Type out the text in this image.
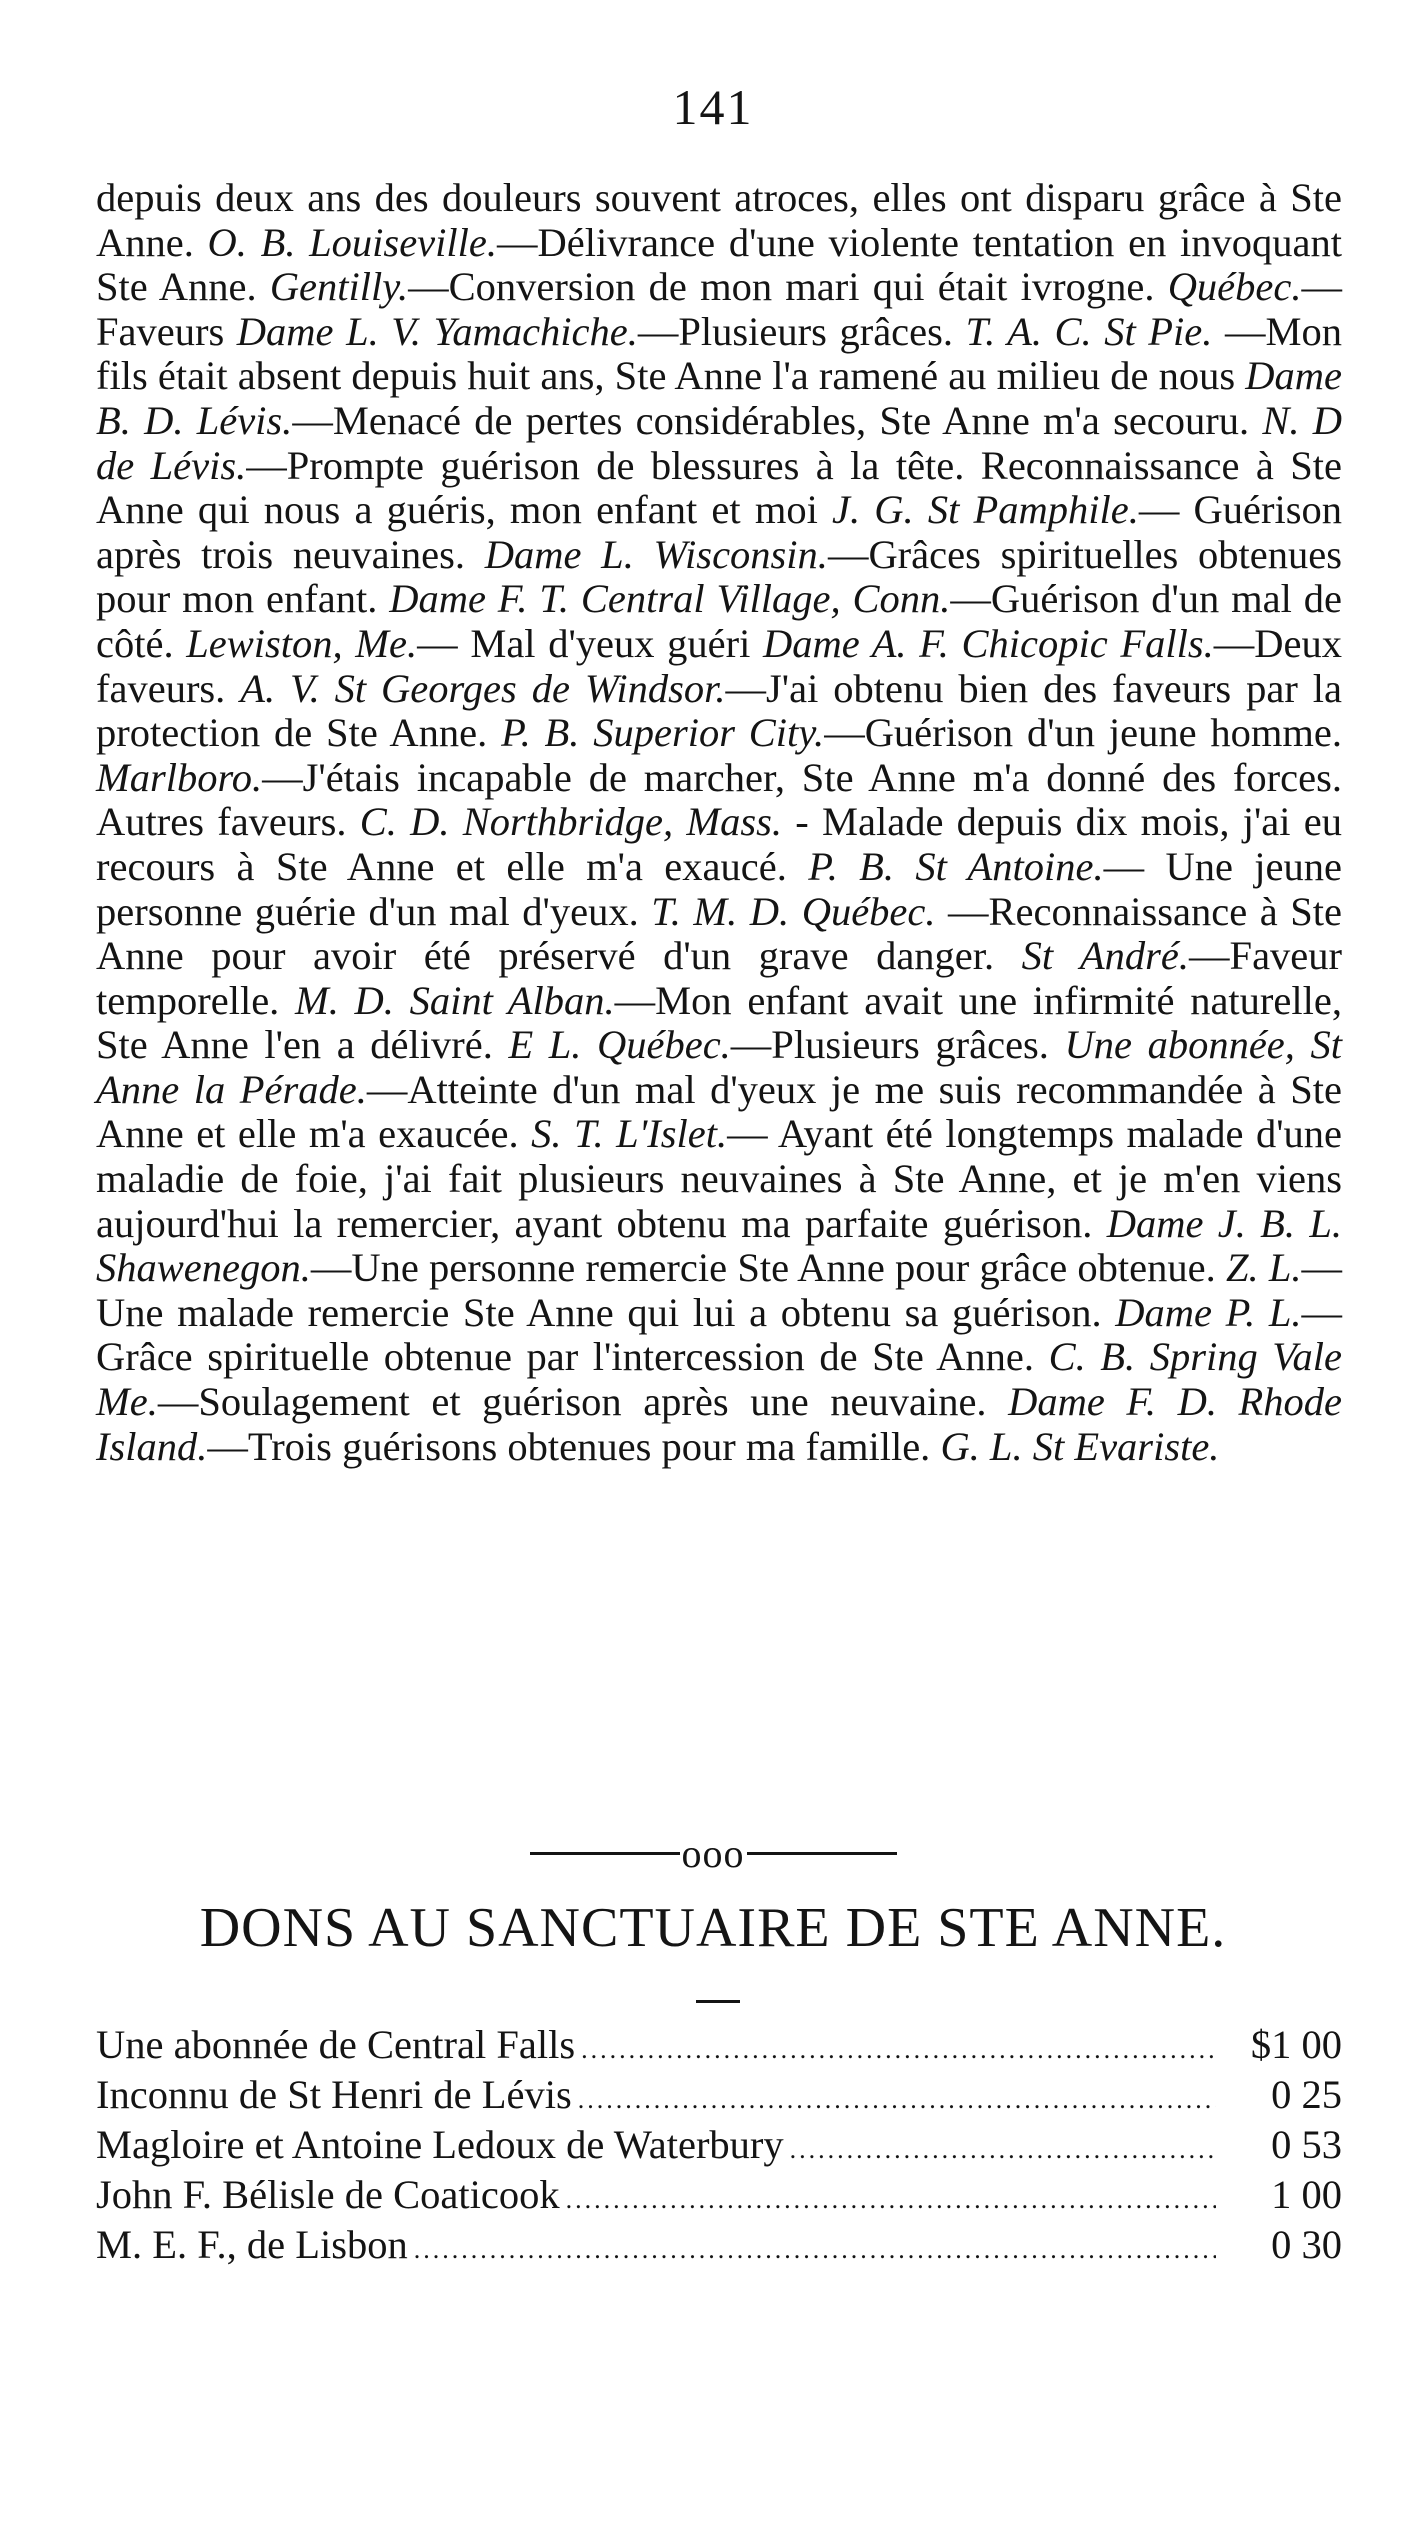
141
depuis deux ans des douleurs souvent atroces, elles ont disparu grâce à Ste Anne. O. B. Louiseville.—Délivrance d'une violente tentation en invoquant Ste Anne. Gentilly.—Conversion de mon mari qui était ivrogne. Québec.—Faveurs Dame L. V. Yamachiche.—Plusieurs grâces. T. A. C. St Pie. —Mon fils était absent depuis huit ans, Ste Anne l'a ramené au milieu de nous Dame B. D. Lévis.—Menacé de pertes considérables, Ste Anne m'a secouru. N. D de Lévis.—Prompte guérison de blessures à la tête. Reconnaissance à Ste Anne qui nous a guéris, mon enfant et moi J. G. St Pamphile.— Guérison après trois neuvaines. Dame L. Wisconsin.—Grâces spirituelles obtenues pour mon enfant. Dame F. T. Central Village, Conn.—Guérison d'un mal de côté. Lewiston, Me.— Mal d'yeux guéri Dame A. F. Chicopic Falls.—Deux faveurs. A. V. St Georges de Windsor.—J'ai obtenu bien des faveurs par la protection de Ste Anne. P. B. Superior City.—Guérison d'un jeune homme. Marlboro.—J'étais incapable de marcher, Ste Anne m'a donné des forces. Autres faveurs. C. D. Northbridge, Mass. - Malade depuis dix mois, j'ai eu recours à Ste Anne et elle m'a exaucé. P. B. St Antoine.— Une jeune personne guérie d'un mal d'yeux. T. M. D. Québec. —Reconnaissance à Ste Anne pour avoir été préservé d'un grave danger. St André.—Faveur temporelle. M. D. Saint Alban.—Mon enfant avait une infirmité naturelle, Ste Anne l'en a délivré. E L. Québec.—Plusieurs grâces. Une abonnée, St Anne la Pérade.—Atteinte d'un mal d'yeux je me suis recommandée à Ste Anne et elle m'a exaucée. S. T. L'Islet.— Ayant été longtemps malade d'une maladie de foie, j'ai fait plusieurs neuvaines à Ste Anne, et je m'en viens aujourd'hui la remercier, ayant obtenu ma parfaite guérison. Dame J. B. L. Shawenegon.—Une personne remercie Ste Anne pour grâce obtenue. Z. L.—Une malade remercie Ste Anne qui lui a obtenu sa guérison. Dame P. L.—Grâce spirituelle obtenue par l'intercession de Ste Anne. C. B. Spring Vale Me.—Soulagement et guérison après une neuvaine. Dame F. D. Rhode Island.—Trois guérisons obtenues pour ma famille. G. L. St Evariste.
ooo
DONS AU SANCTUAIRE DE STE ANNE.
Une abonnée de Central Falls .....	$1 00
Inconnu de St Henri de Lévis .....	0 25
Magloire et Antoine Ledoux de Waterbury .....	0 53
John F. Bélisle de Coaticook .....	1 00
M. E. F., de Lisbon .....	0 30
